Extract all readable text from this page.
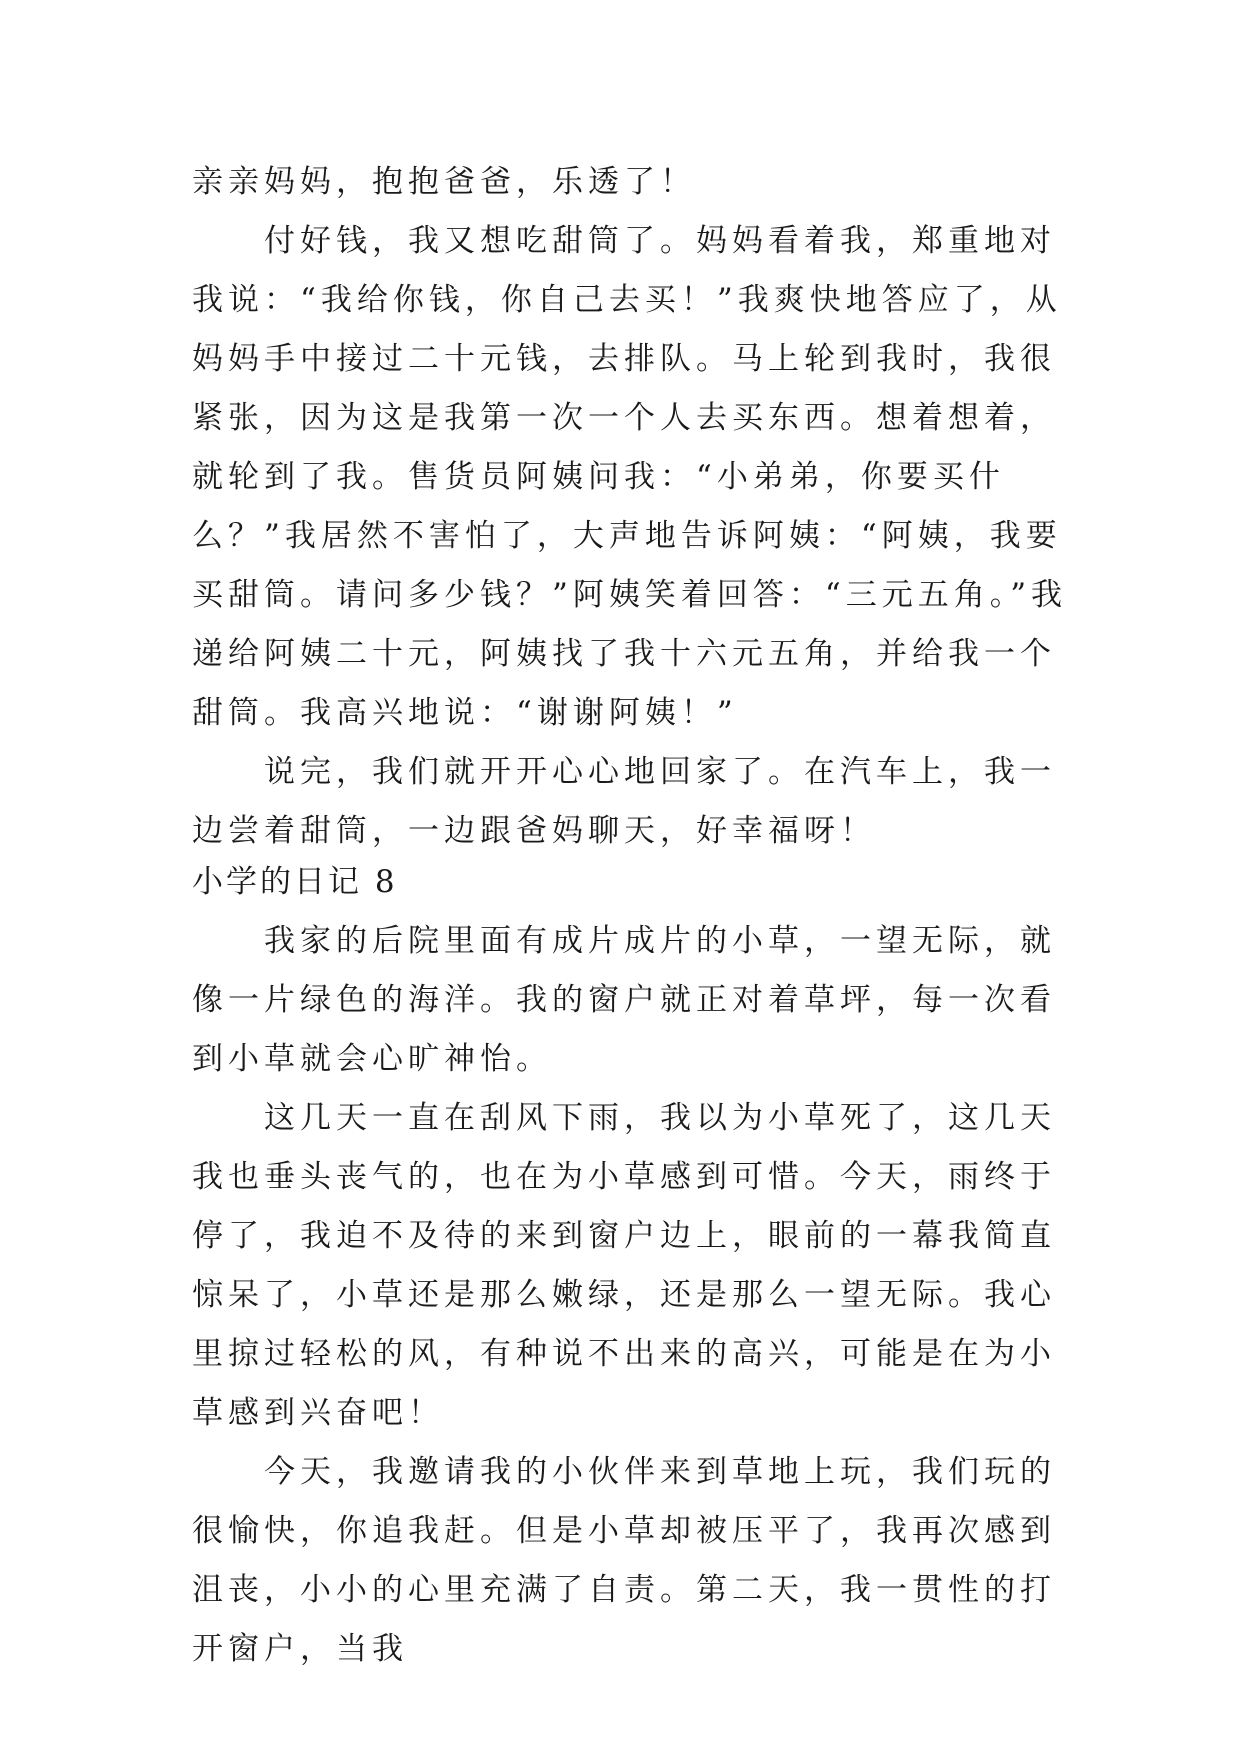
亲亲妈妈，抱抱爸爸，乐透了！

付好钱，我又想吃甜筒了。妈妈看着我，郑重地对我说：“我给你钱，你自己去买！”我爽快地答应了，从妈妈手中接过二十元钱，去排队。马上轮到我时，我很紧张，因为这是我第一次一个人去买东西。想着想着，就轮到了我。售货员阿姨问我：“小弟弟，你要买什么？”我居然不害怕了，大声地告诉阿姨：“阿姨，我要买甜筒。请问多少钱？”阿姨笑着回答：“三元五角。”我递给阿姨二十元，阿姨找了我十六元五角，并给我一个甜筒。我高兴地说：“谢谢阿姨！”

说完，我们就开开心心地回家了。在汽车上，我一边尝着甜筒，一边跟爸妈聊天，好幸福呀！

小学的日记 8

我家的后院里面有成片成片的小草，一望无际，就像一片绿色的海洋。我的窗户就正对着草坪，每一次看到小草就会心旷神怡。

这几天一直在刮风下雨，我以为小草死了，这几天我也垂头丧气的，也在为小草感到可惜。今天，雨终于停了，我迫不及待的来到窗户边上，眼前的一幕我简直惊呆了，小草还是那么嫩绿，还是那么一望无际。我心里掠过轻松的风，有种说不出来的高兴，可能是在为小草感到兴奋吧！

今天，我邀请我的小伙伴来到草地上玩，我们玩的很愉快，你追我赶。但是小草却被压平了，我再次感到沮丧，小小的心里充满了自责。第二天，我一贯性的打开窗户，当我
